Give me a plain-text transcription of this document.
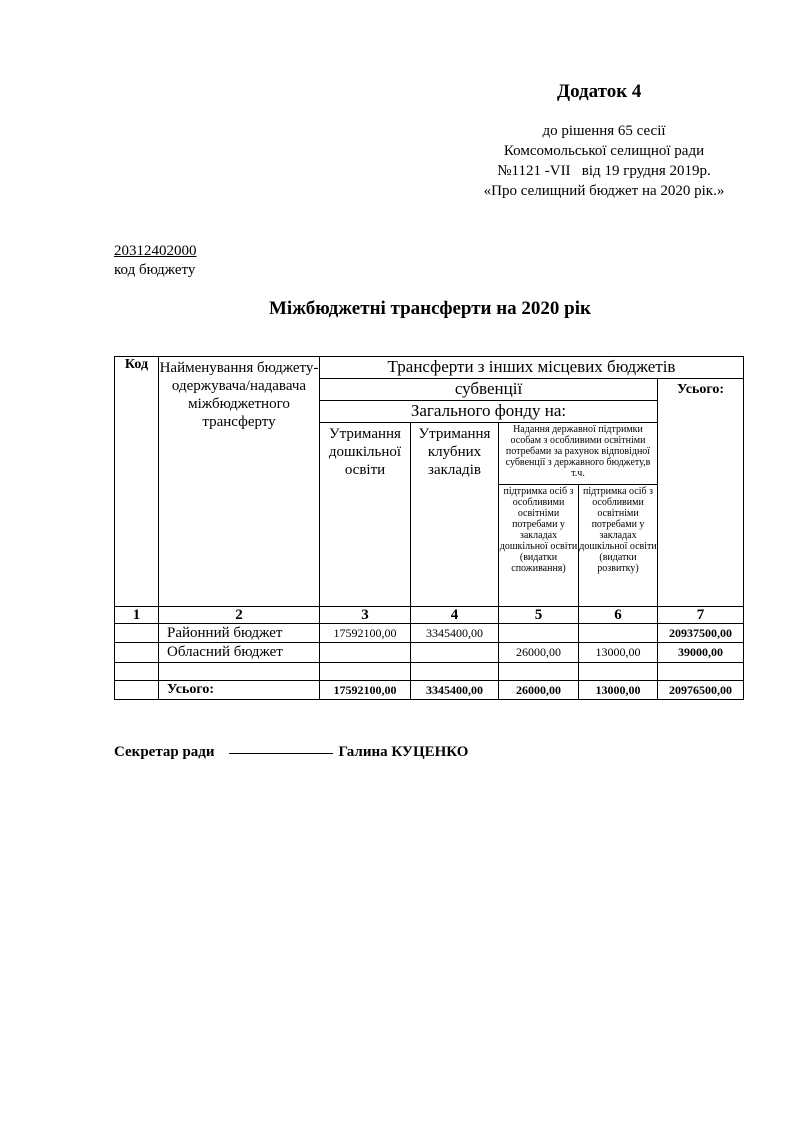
Додаток 4
до рішення 65 сесії
Комсомольської селищної ради
№1121 -VII   від 19 грудня 2019р.
«Про селищний бюджет на 2020 рік.»
20312402000
код бюджету
Міжбюджетні трансферти на 2020 рік
Код	Найменування бюджету-одержувача/надавача міжбюджетного трансферту	Трансферти з інших місцевих бюджетів				
		субвенції				Усього:
		Загального фонду на:				
		Утримання дошкільної освіти	Утримання клубних закладів	Надання державної підтримки особам з особливими освітніми потребами за рахунок відповідної субвенції з державного бюджету,в т.ч.		
				підтримка осіб з особливими освітніми потребами у закладах дошкільної освіти (видатки споживання)	підтримка осіб з особливими освітніми потребами у закладах дошкільної освіти (видатки розвитку)	
1	2	3	4	5	6	7
	Районний бюджет	17592100,00	3345400,00			20937500,00
	Обласний бюджет			26000,00	13000,00	39000,00

	Усього:	17592100,00	3345400,00	26000,00	13000,00	20976500,00
Секретар ради	Галина КУЦЕНКО
